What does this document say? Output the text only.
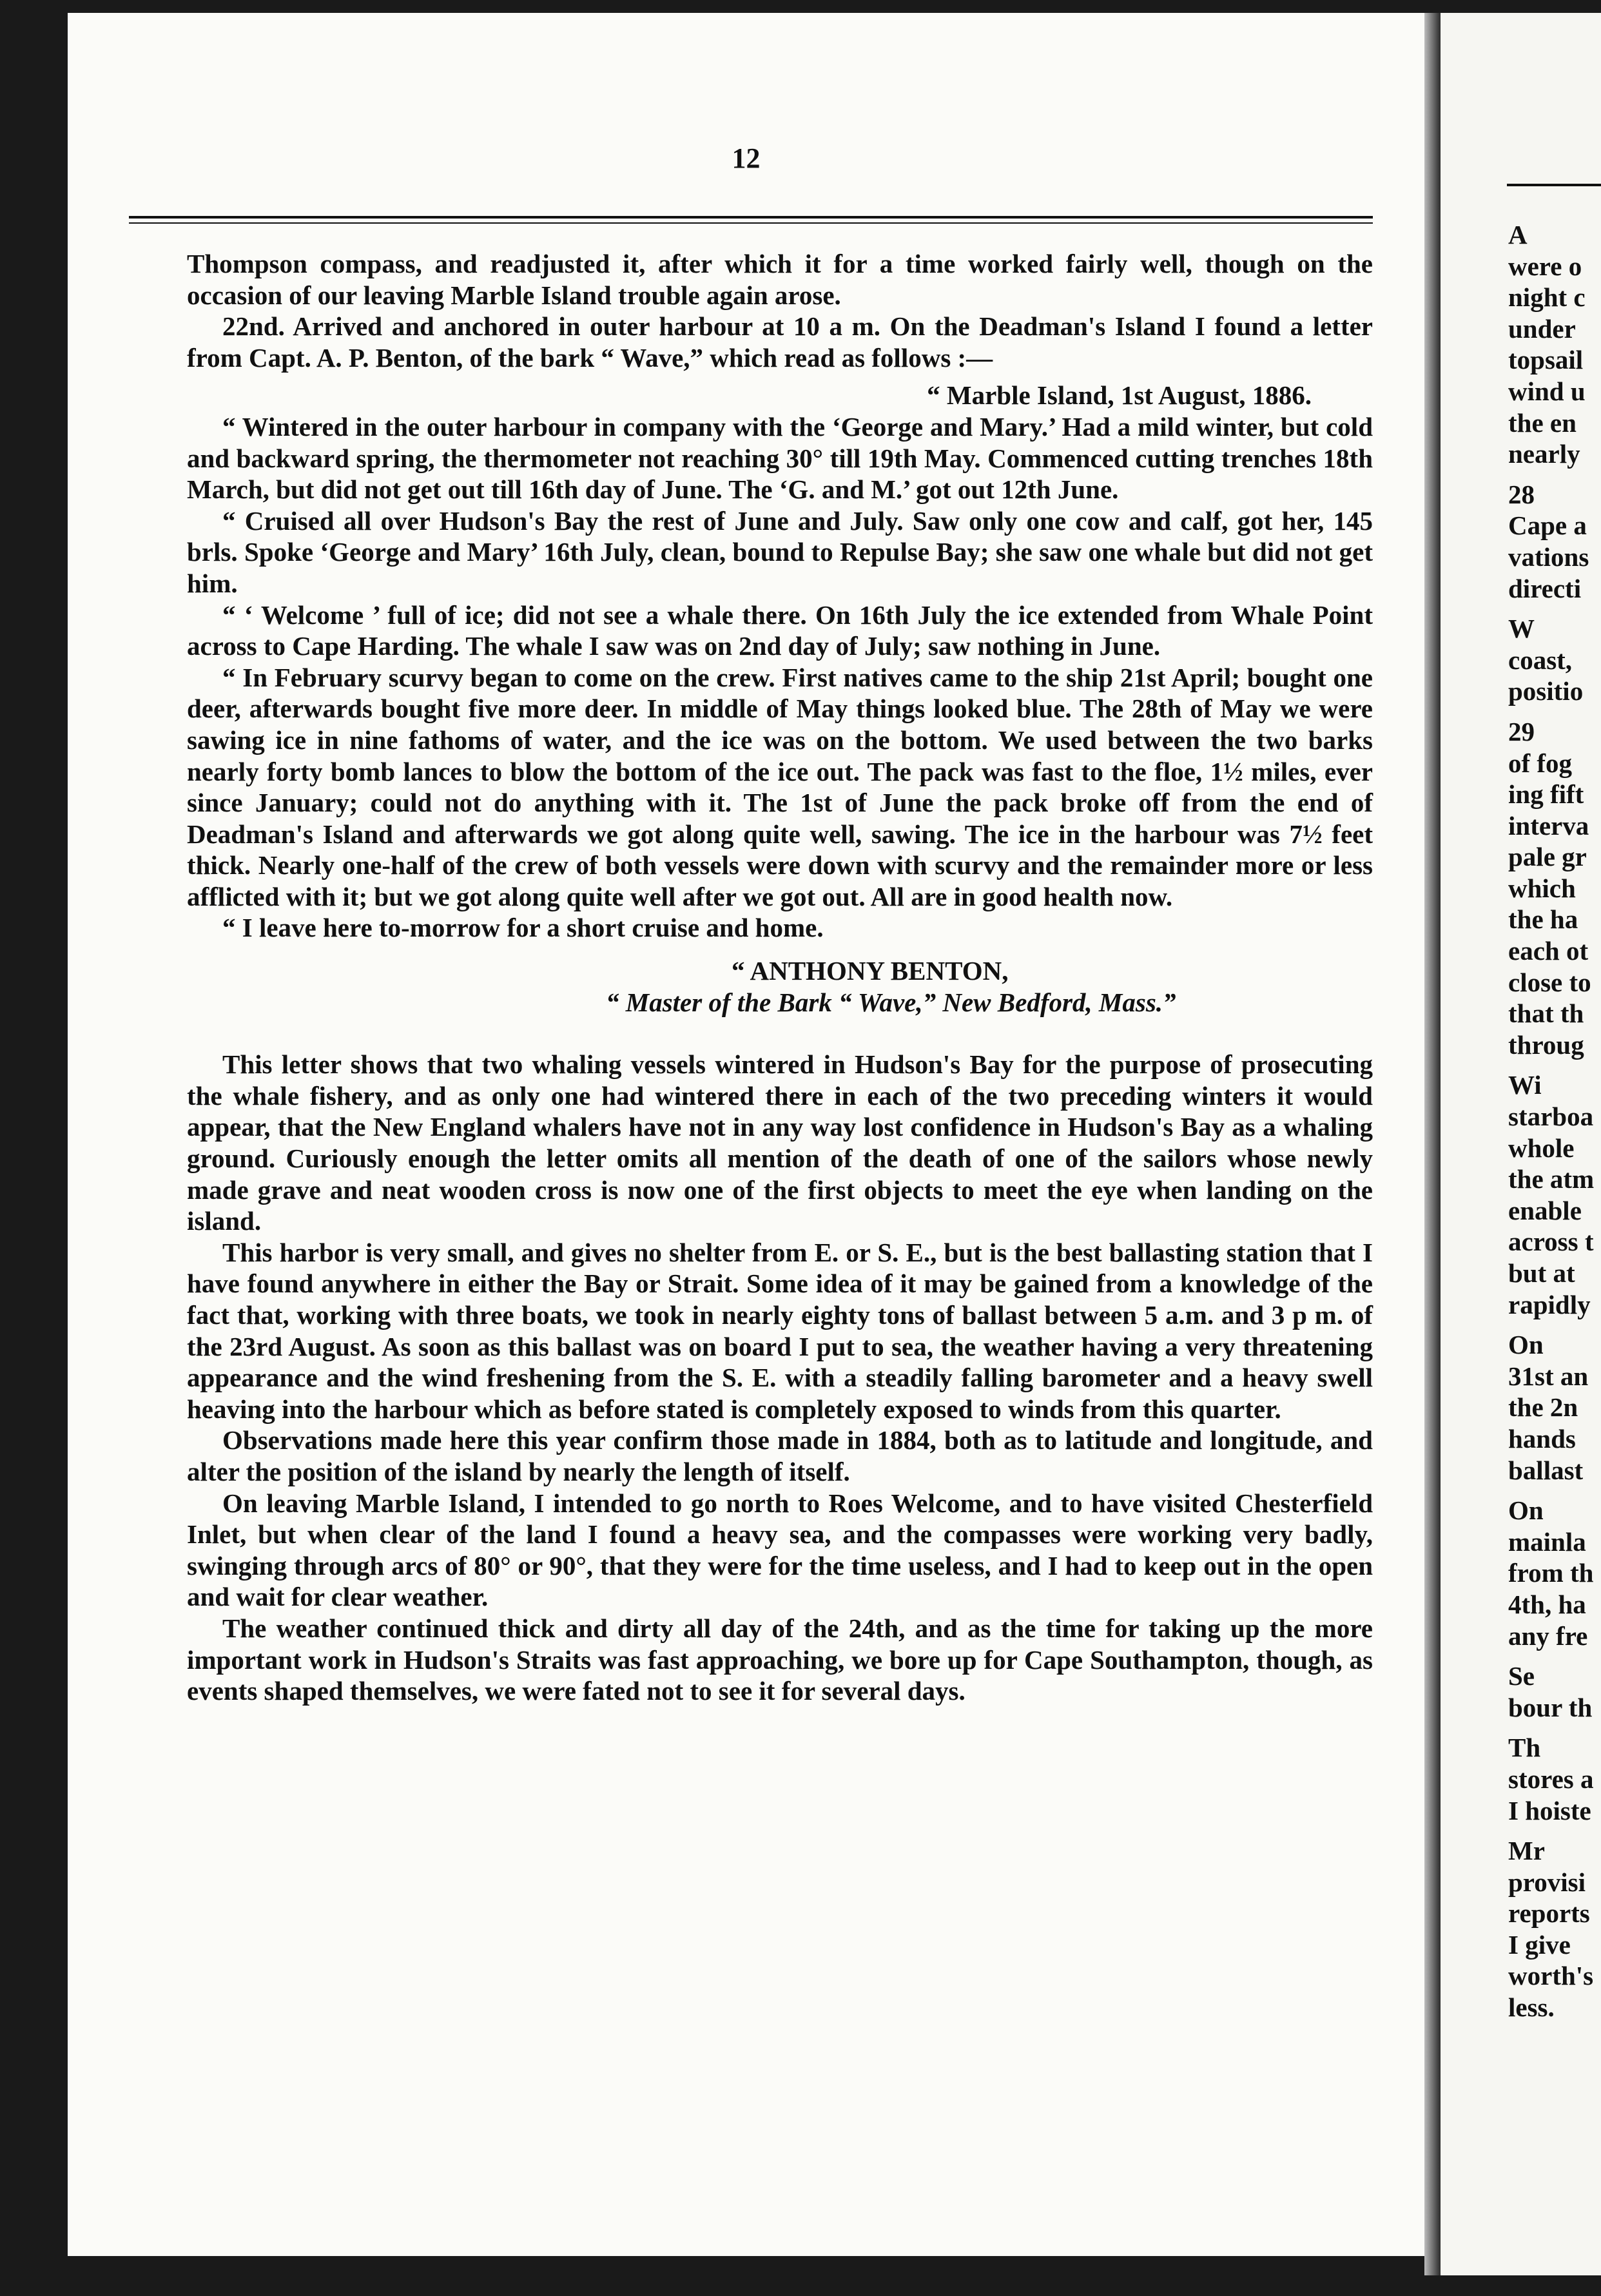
12

Thompson compass, and readjusted it, after which it for a time worked fairly well, though on the occasion of our leaving Marble Island trouble again arose.

22nd. Arrived and anchored in outer harbour at 10 a m. On the Deadman's Island I found a letter from Capt. A. P. Benton, of the bark “ Wave,” which read as follows :—

“ Marble Island, 1st August, 1886.

“ Wintered in the outer harbour in company with the ‘George and Mary.’ Had a mild winter, but cold and backward spring, the thermometer not reaching 30° till 19th May. Commenced cutting trenches 18th March, but did not get out till 16th day of June. The ‘G. and M.’ got out 12th June.

“ Cruised all over Hudson's Bay the rest of June and July. Saw only one cow and calf, got her, 145 brls. Spoke ‘George and Mary’ 16th July, clean, bound to Repulse Bay; she saw one whale but did not get him.

“ ‘ Welcome ’ full of ice; did not see a whale there. On 16th July the ice extended from Whale Point across to Cape Harding. The whale I saw was on 2nd day of July; saw nothing in June.

“ In February scurvy began to come on the crew. First natives came to the ship 21st April; bought one deer, afterwards bought five more deer. In middle of May things looked blue. The 28th of May we were sawing ice in nine fathoms of water, and the ice was on the bottom. We used between the two barks nearly forty bomb lances to blow the bottom of the ice out. The pack was fast to the floe, 1½ miles, ever since January; could not do anything with it. The 1st of June the pack broke off from the end of Deadman's Island and afterwards we got along quite well, sawing. The ice in the harbour was 7½ feet thick. Nearly one-half of the crew of both vessels were down with scurvy and the remainder more or less afflicted with it; but we got along quite well after we got out. All are in good health now.

“ I leave here to-morrow for a short cruise and home.

“ ANTHONY BENTON,

“ Master of the Bark “ Wave,” New Bedford, Mass.”

This letter shows that two whaling vessels wintered in Hudson's Bay for the purpose of prosecuting the whale fishery, and as only one had wintered there in each of the two preceding winters it would appear, that the New England whalers have not in any way lost confidence in Hudson's Bay as a whaling ground. Curiously enough the letter omits all mention of the death of one of the sailors whose newly made grave and neat wooden cross is now one of the first objects to meet the eye when landing on the island.

This harbor is very small, and gives no shelter from E. or S. E., but is the best ballasting station that I have found anywhere in either the Bay or Strait. Some idea of it may be gained from a knowledge of the fact that, working with three boats, we took in nearly eighty tons of ballast between 5 a.m. and 3 p m. of the 23rd August. As soon as this ballast was on board I put to sea, the weather having a very threatening appearance and the wind freshening from the S. E. with a steadily falling barometer and a heavy swell heaving into the harbour which as before stated is completely exposed to winds from this quarter.

Observations made here this year confirm those made in 1884, both as to latitude and longitude, and alter the position of the island by nearly the length of itself.

On leaving Marble Island, I intended to go north to Roes Welcome, and to have visited Chesterfield Inlet, but when clear of the land I found a heavy sea, and the compasses were working very badly, swinging through arcs of 80° or 90°, that they were for the time useless, and I had to keep out in the open and wait for clear weather.

The weather continued thick and dirty all day of the 24th, and as the time for taking up the more important work in Hudson's Straits was fast approaching, we bore up for Cape Southampton, though, as events shaped themselves, we were fated not to see it for several days.

A

were o

night c

under

topsail

wind u

the en

nearly

28

Cape a

vations

directi

W

coast,

positio

29

of fog

ing fift

interva

pale gr

which

the ha

each ot

close to

that th

throug

Wi

starboa

whole

the atm

enable

across t

but at

rapidly

On

31st an

the 2n

hands

ballast

On

mainla

from th

4th, ha

any fre

Se

bour th

Th

stores a

I hoiste

Mr

provisi

reports

I give

worth's

less.
